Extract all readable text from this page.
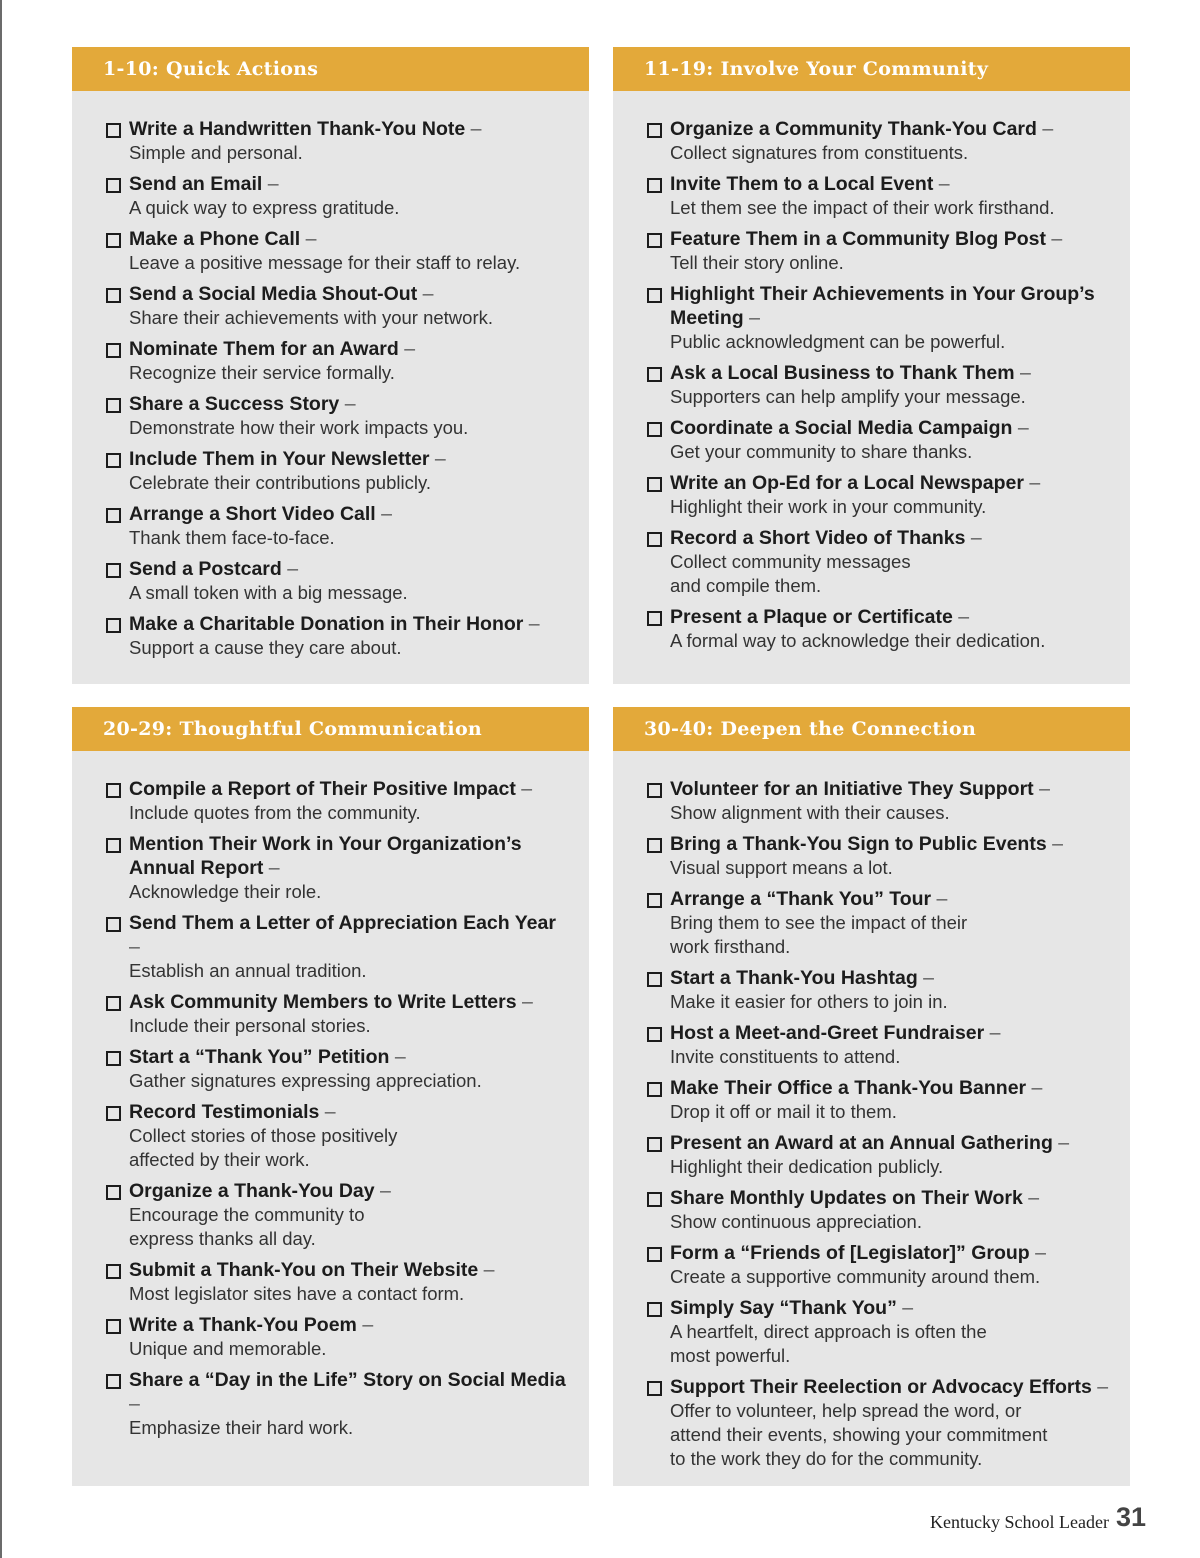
1-10: Quick Actions
Write a Handwritten Thank-You Note –
Simple and personal.
Send an Email –
A quick way to express gratitude.
Make a Phone Call –
Leave a positive message for their staff to relay.
Send a Social Media Shout-Out –
Share their achievements with your network.
Nominate Them for an Award –
Recognize their service formally.
Share a Success Story –
Demonstrate how their work impacts you.
Include Them in Your Newsletter –
Celebrate their contributions publicly.
Arrange a Short Video Call –
Thank them face-to-face.
Send a Postcard –
A small token with a big message.
Make a Charitable Donation in Their Honor –
Support a cause they care about.
11-19: Involve Your Community
Organize a Community Thank-You Card –
Collect signatures from constituents.
Invite Them to a Local Event –
Let them see the impact of their work firsthand.
Feature Them in a Community Blog Post –
Tell their story online.
Highlight Their Achievements in Your Group’s Meeting –
Public acknowledgment can be powerful.
Ask a Local Business to Thank Them –
Supporters can help amplify your message.
Coordinate a Social Media Campaign –
Get your community to share thanks.
Write an Op-Ed for a Local Newspaper –
Highlight their work in your community.
Record a Short Video of Thanks –
Collect community messages
and compile them.
Present a Plaque or Certificate –
A formal way to acknowledge their dedication.
20-29: Thoughtful Communication
Compile a Report of Their Positive Impact –
Include quotes from the community.
Mention Their Work in Your Organization’s Annual Report –
Acknowledge their role.
Send Them a Letter of Appreciation Each Year –
Establish an annual tradition.
Ask Community Members to Write Letters –
Include their personal stories.
Start a “Thank You” Petition –
Gather signatures expressing appreciation.
Record Testimonials –
Collect stories of those positively
affected by their work.
Organize a Thank-You Day –
Encourage the community to
express thanks all day.
Submit a Thank-You on Their Website –
Most legislator sites have a contact form.
Write a Thank-You Poem –
Unique and memorable.
Share a “Day in the Life” Story on Social Media –
Emphasize their hard work.
30-40: Deepen the Connection
Volunteer for an Initiative They Support –
Show alignment with their causes.
Bring a Thank-You Sign to Public Events –
Visual support means a lot.
Arrange a “Thank You” Tour –
Bring them to see the impact of their
work firsthand.
Start a Thank-You Hashtag –
Make it easier for others to join in.
Host a Meet-and-Greet Fundraiser –
Invite constituents to attend.
Make Their Office a Thank-You Banner –
Drop it off or mail it to them.
Present an Award at an Annual Gathering –
Highlight their dedication publicly.
Share Monthly Updates on Their Work –
Show continuous appreciation.
Form a “Friends of [Legislator]” Group –
Create a supportive community around them.
Simply Say “Thank You” –
A heartfelt, direct approach is often the
most powerful.
Support Their Reelection or Advocacy Efforts –
Offer to volunteer, help spread the word, or
attend their events, showing your commitment
to the work they do for the community.
Kentucky School Leader 31
